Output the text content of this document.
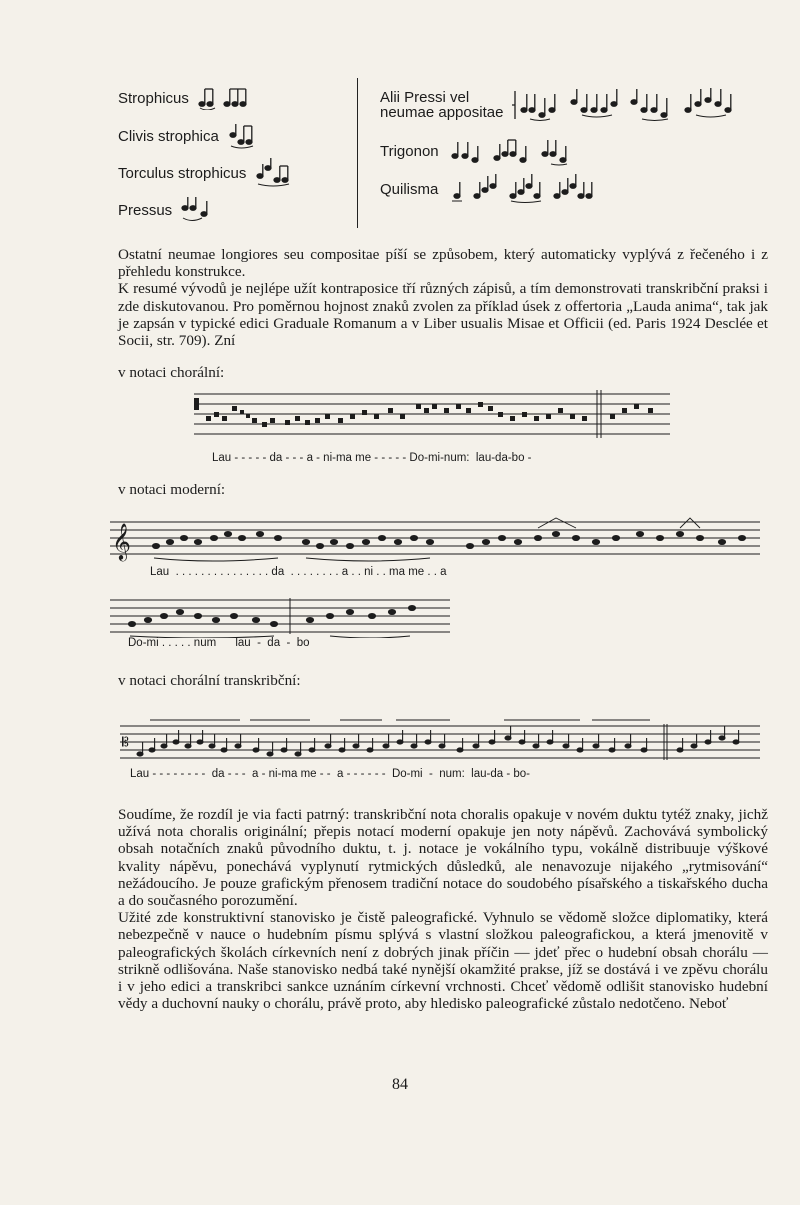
Strophicus
Clivis strophica
Torculus strophicus
Pressus
Alii Pressi vel
neumae appositae
Trigonon
Quilisma

Ostatní neumae longiores seu compositae píší se způsobem, který automaticky vyplývá z řečeného i z přehledu konstrukce.

K resumé vývodů je nejlépe užít kontraposice tří různých zápisů, a tím demonstrovati transkribční praksi i zde diskutovanou. Pro poměrnou hojnost znaků zvolen za příklad úsek z offertoria „Lauda anima“, tak jak je zapsán v typické edici Graduale Romanum a v Liber usualis Misae et Officii (ed. Paris 1924 Desclée et Socii, str. 709). Zní

v notaci chorální:
Lau - - - - - da - - - a - ni-ma me - - - - - Do-mi-num:  lau-da-bo -
v notaci moderní:
𝄞
Lau  . . . . . . . . . . . . . . . da  . . . . . . . . a . . ni . . ma me . . a
Do-mi . . . . . num      lau  -  da  -  bo
v notaci chorální transkribční:
𝄡
Lau - - - - - - - -  da - - -  a - ni-ma me - -  a - - - - - -  Do-mi  -  num:  lau-da - bo-

Soudíme, že rozdíl je via facti patrný: transkribční nota choralis opakuje v novém duktu tytéž znaky, jichž užívá nota choralis originální; přepis notací moderní opakuje jen noty nápěvů. Zachovává symbolický obsah notačních znaků původního duktu, t. j. notace je vokálního typu, vokálně distribuuje výškové kvality nápěvu, ponechává vyplynutí rytmických důsledků, ale nenavozuje nijakého „rytmisování“ nežádoucího. Je pouze grafickým přenosem tradiční notace do soudobého písařského a tiskařského ducha a do současného porozumění.

Užité zde konstruktivní stanovisko je čistě paleografické. Vyhnulo se vědomě složce diplomatiky, která nebezpečně v nauce o hudebním písmu splývá s vlastní složkou paleografickou, a která jmenovitě v paleografických školách církevních není z dobrých jinak příčin — jdeť přec o hudební obsah chorálu — strikně odlišována. Naše stanovisko nedbá také nynější okamžité prakse, jíž se dostává i ve zpěvu chorálu i v jeho edici a transkribci sankce uznáním církevní vrchnosti. Chceť vědomě odlišit stanovisko hudební vědy a duchovní nauky o chorálu, právě proto, aby hledisko paleografické zůstalo nedotčeno. Neboť

84
